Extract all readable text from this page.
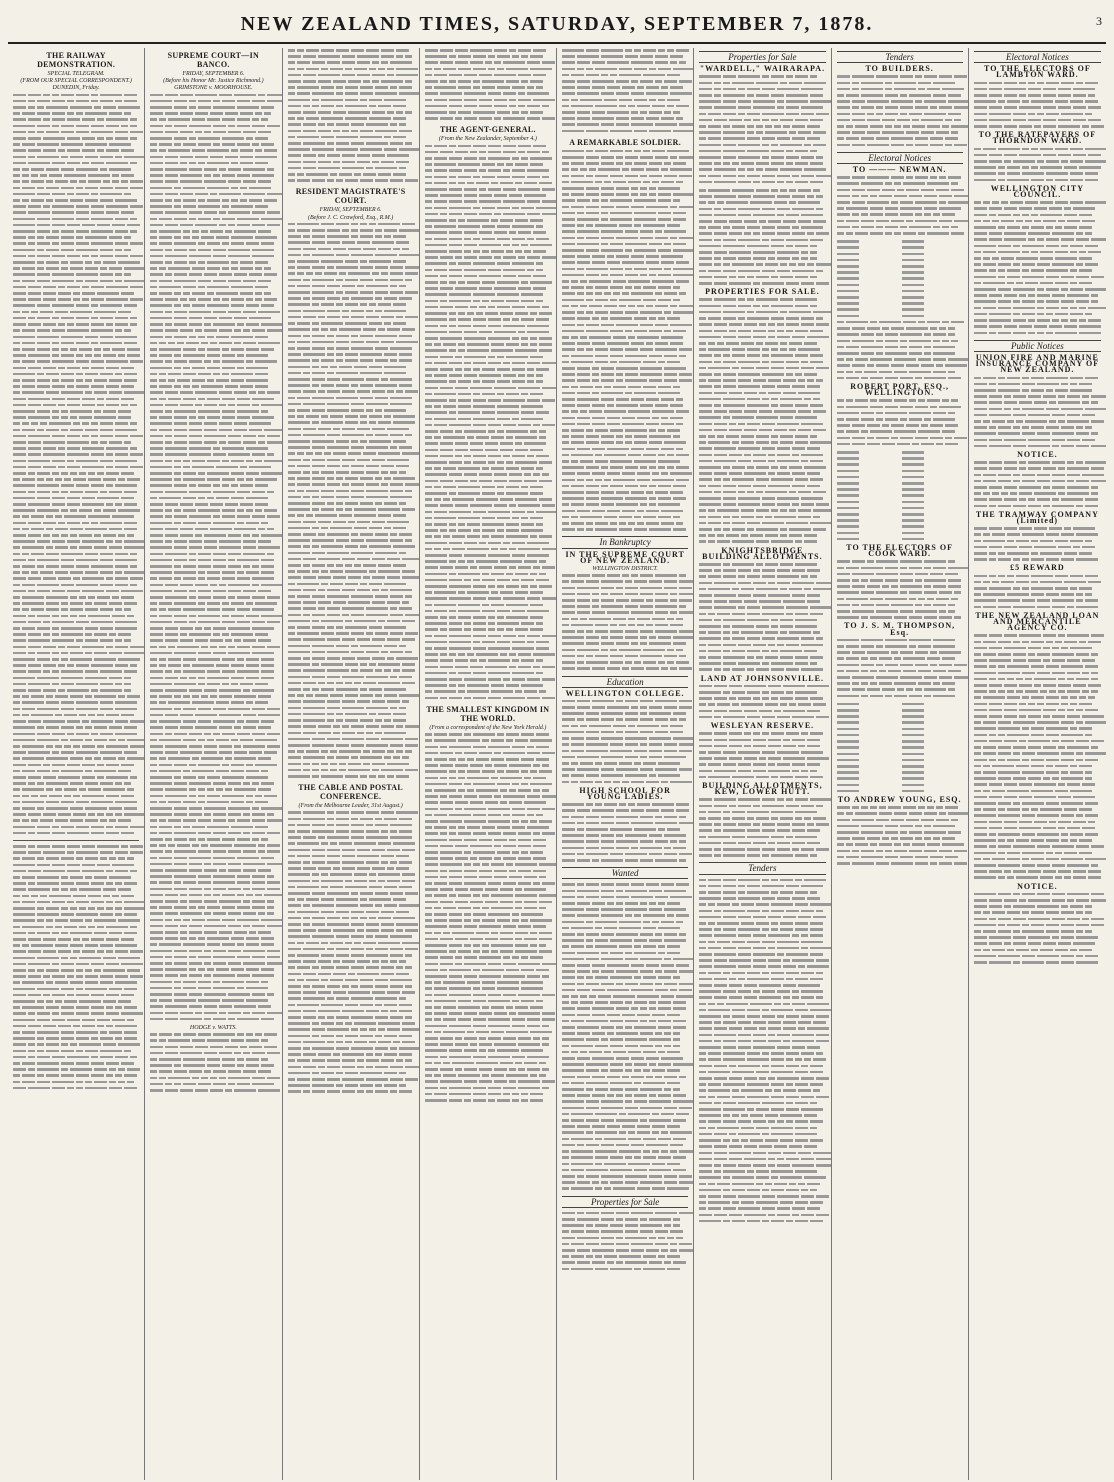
NEW ZEALAND TIMES, SATURDAY, SEPTEMBER 7, 1878.	3
THE RAILWAY DEMONSTRATION.
SPECIAL TELEGRAM.
(FROM OUR SPECIAL CORRESPONDENT.)
DUNEDIN, Friday.
SUPREME COURT—IN BANCO.
FRIDAY, SEPTEMBER 6.
(Before his Honor Mr. Justice Richmond.)
GRIMSTONE v. MOORHOUSE.
HODGE v. WATTS.
RESIDENT MAGISTRATE'S COURT.
FRIDAY, SEPTEMBER 6.
(Before J. C. Crawford, Esq., R.M.)
THE CABLE AND POSTAL CONFERENCE.
(From the Melbourne Leader, 31st August.)
THE AGENT-GENERAL.
(From the New Zealander, September 4.)
THE SMALLEST KINGDOM IN THE WORLD.
(From a correspondent of the New York Herald.)
A REMARKABLE SOLDIER.
In Bankruptcy
IN THE SUPREME COURT OF NEW ZEALAND.
WELLINGTON DISTRICT.
Education
WELLINGTON COLLEGE.
HIGH SCHOOL FOR YOUNG LADIES.
Wanted
Properties for Sale
Properties for Sale
"WARDELL," WAIRARAPA.
PROPERTIES FOR SALE.
KNIGHTSBRIDGE BUILDING ALLOTMENTS.
LAND AT JOHNSONVILLE.
WESLEYAN RESERVE.
BUILDING ALLOTMENTS, KEW, LOWER HUTT.
Tenders
Tenders
TO BUILDERS.
Electoral Notices
TO ——— NEWMAN.
ROBERT PORT, ESQ., WELLINGTON.
TO THE ELECTORS OF COOK WARD.
TO J. S. M. THOMPSON, Esq.
TO ANDREW YOUNG, ESQ.
Electoral Notices
TO THE ELECTORS OF LAMBTON WARD.
TO THE RATEPAYERS OF THORNDON WARD.
WELLINGTON CITY COUNCIL.
Public Notices
UNION FIRE AND MARINE INSURANCE COMPANY OF NEW ZEALAND.
NOTICE.
THE TRAMWAY COMPANY (Limited)
£5 REWARD
THE NEW ZEALAND LOAN AND MERCANTILE AGENCY CO.
NOTICE.
